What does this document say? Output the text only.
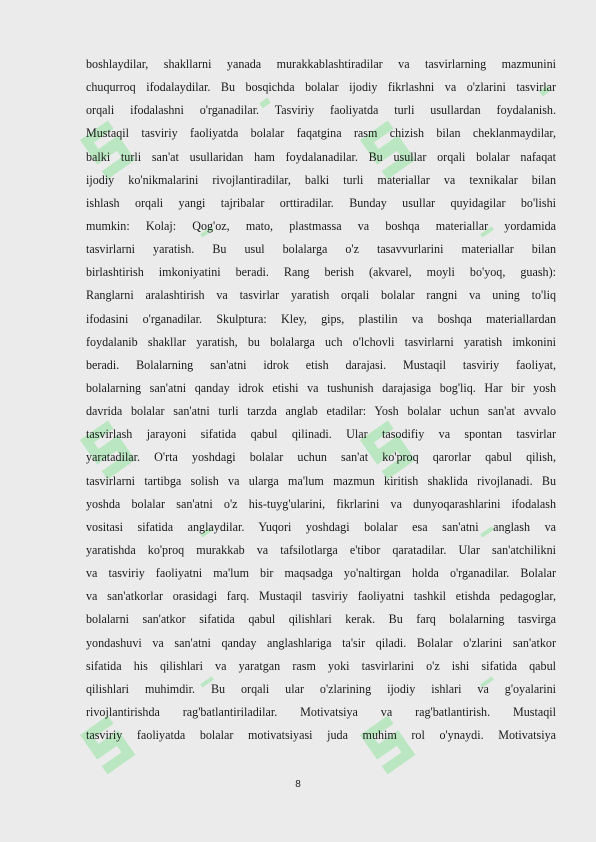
boshlaydilar, shakllarni yanada murakkablashtiradilar va tasvirlarning mazmunini
chuqurroq ifodalaydilar. Bu bosqichda bolalar ijodiy fikrlashni va o'zlarini tasvirlar
orqali ifodalashni o'rganadilar. Tasviriy faoliyatda turli usullardan foydalanish.
Mustaqil tasviriy faoliyatda bolalar faqatgina rasm chizish bilan cheklanmaydilar,
balki turli san'at usullaridan ham foydalanadilar. Bu usullar orqali bolalar nafaqat
ijodiy ko'nikmalarini rivojlantiradilar, balki turli materiallar va texnikalar bilan
ishlash orqali yangi tajribalar orttiradilar. Bunday usullar quyidagilar bo'lishi
mumkin: Kolaj: Qog'oz, mato, plastmassa va boshqa materiallar yordamida
tasvirlarni yaratish. Bu usul bolalarga o'z tasavvurlarini materiallar bilan
birlashtirish imkoniyatini beradi. Rang berish (akvarel, moyli bo'yoq, guash):
Ranglarni aralashtirish va tasvirlar yaratish orqali bolalar rangni va uning to'liq
ifodasini o'rganadilar. Skulptura: Kley, gips, plastilin va boshqa materiallardan
foydalanib shakllar yaratish, bu bolalarga uch o'lchovli tasvirlarni yaratish imkonini
beradi. Bolalarning san'atni idrok etish darajasi. Mustaqil tasviriy faoliyat,
bolalarning san'atni qanday idrok etishi va tushunish darajasiga bog'liq. Har bir yosh
davrida bolalar san'atni turli tarzda anglab etadilar: Yosh bolalar uchun san'at avvalo
tasvirlash jarayoni sifatida qabul qilinadi. Ular tasodifiy va spontan tasvirlar
yaratadilar. O'rta yoshdagi bolalar uchun san'at ko'proq qarorlar qabul qilish,
tasvirlarni tartibga solish va ularga ma'lum mazmun kiritish shaklida rivojlanadi. Bu
yoshda bolalar san'atni o'z his-tuyg'ularini, fikrlarini va dunyoqarashlarini ifodalash
vositasi sifatida anglaydilar. Yuqori yoshdagi bolalar esa san'atni anglash va
yaratishda ko'proq murakkab va tafsilotlarga e'tibor qaratadilar. Ular san'atchilikni
va tasviriy faoliyatni ma'lum bir maqsadga yo'naltirgan holda o'rganadilar. Bolalar
va san'atkorlar orasidagi farq. Mustaqil tasviriy faoliyatni tashkil etishda pedagoglar,
bolalarni san'atkor sifatida qabul qilishlari kerak. Bu farq bolalarning tasvirga
yondashuvi va san'atni qanday anglashlariga ta'sir qiladi. Bolalar o'zlarini san'atkor
sifatida his qilishlari va yaratgan rasm yoki tasvirlarini o'z ishi sifatida qabul
qilishlari muhimdir. Bu orqali ular o'zlarining ijodiy ishlari va g'oyalarini
rivojlantirishda rag'batlantiriladilar. Motivatsiya va rag'batlantirish. Mustaqil
tasviriy faoliyatda bolalar motivatsiyasi juda muhim rol o'ynaydi. Motivatsiya
8
